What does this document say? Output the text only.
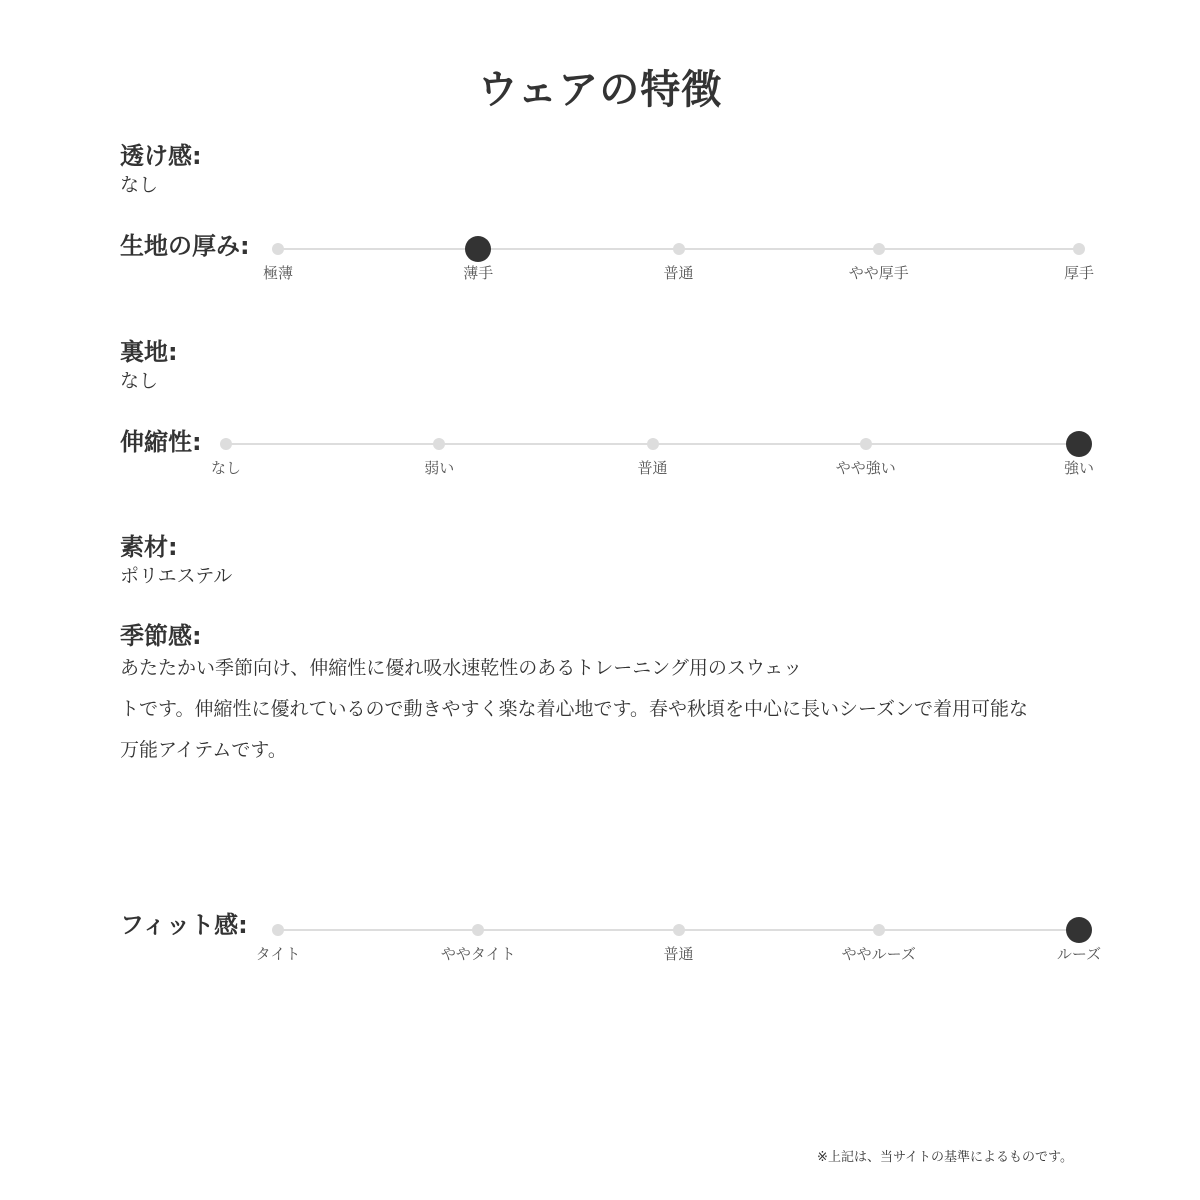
ウェアの特徴
透け感:
なし
生地の厚み:
極薄	薄手	普通	やや厚手	厚手
裏地:
なし
伸縮性:
なし	弱い	普通	やや強い	強い
素材:
ポリエステル
季節感:
あたたかい季節向け、伸縮性に優れ吸水速乾性のあるトレーニング用のスウェッ
トです。伸縮性に優れているので動きやすく楽な着心地です。春や秋頃を中心に長いシーズンで着用可能な
万能アイテムです。
フィット感:
タイト	ややタイト	普通	ややルーズ	ルーズ
※上記は、当サイトの基準によるものです。
